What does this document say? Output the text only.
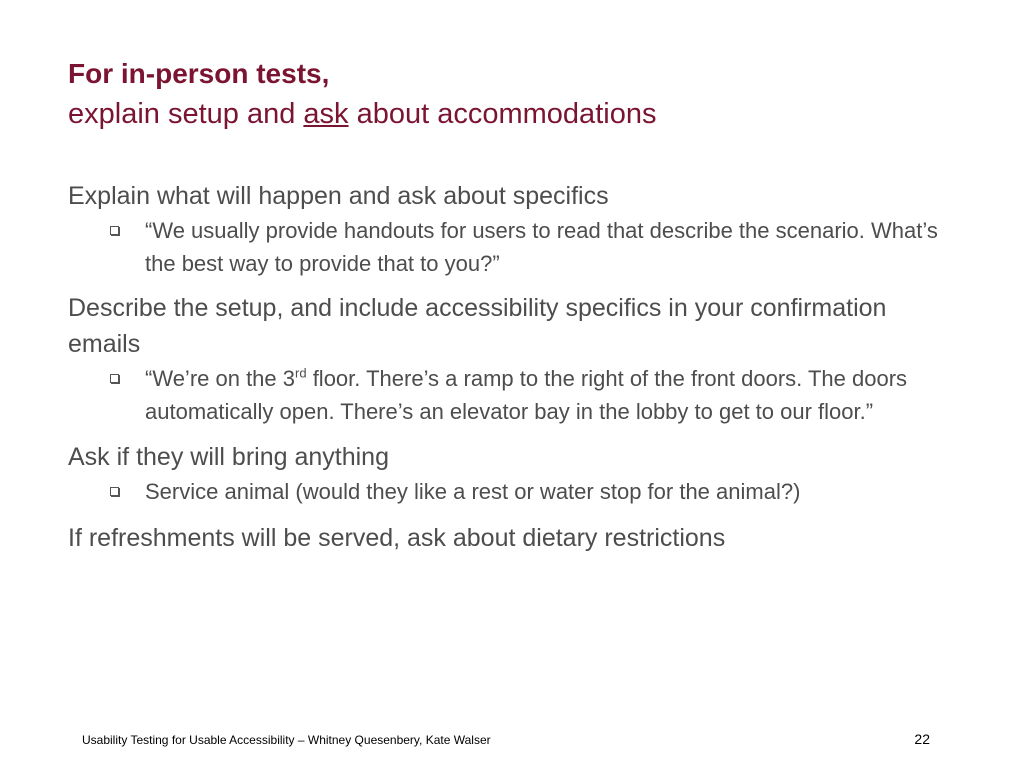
For in-person tests,
explain setup and ask about accommodations

Explain what will happen and ask about specifics

“We usually provide handouts for users to read that describe the scenario. What’s the best way to provide that to you?”

Describe the setup, and include accessibility specifics in your confirmation emails

“We’re on the 3rd floor. There’s a ramp to the right of the front doors. The doors automatically open. There’s an elevator bay in the lobby to get to our floor.”

Ask if they will bring anything

Service animal (would they like a rest or water stop for the animal?)

If refreshments will be served, ask about dietary restrictions

Usability Testing for Usable Accessibility – Whitney Quesenbery, Kate Walser	22
